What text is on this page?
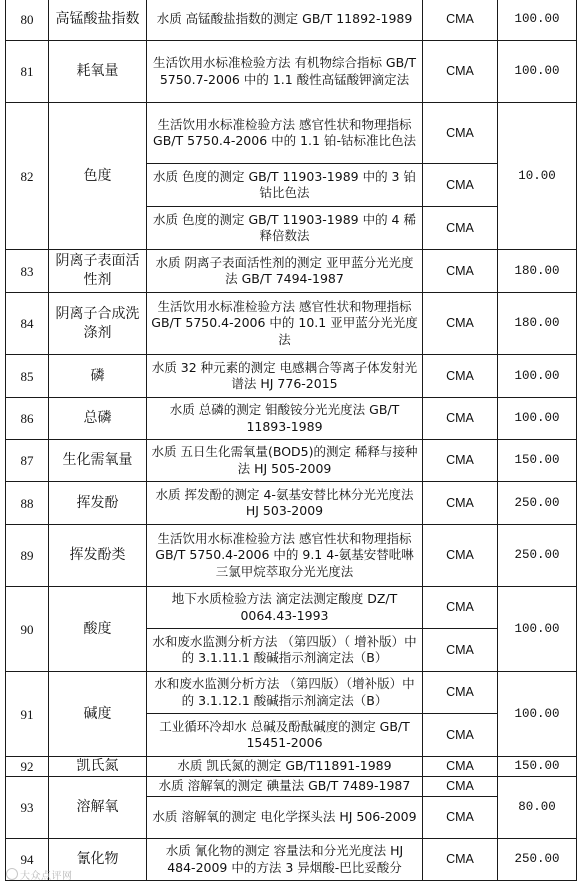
80	高锰酸盐指数	水质 高锰酸盐指数的测定 GB/T 11892-1989	CMA	100.00
81	耗氧量	生活饮用水标准检验方法 有机物综合指标 GB/T 5750.7-2006 中的 1.1 酸性高锰酸钾滴定法	CMA	100.00
82	色度	生活饮用水标准检验方法 感官性状和物理指标 GB/T 5750.4-2006 中的 1.1 铂-钴标准比色法	CMA	10.00
		水质 色度的测定 GB/T 11903-1989 中的 3 铂钴比色法	CMA	
		水质 色度的测定 GB/T 11903-1989 中的 4 稀释倍数法	CMA	
83	阴离子表面活性剂	水质 阴离子表面活性剂的测定 亚甲蓝分光光度法 GB/T 7494-1987	CMA	180.00
84	阴离子合成洗涤剂	生活饮用水标准检验方法 感官性状和物理指标 GB/T 5750.4-2006 中的 10.1 亚甲蓝分光光度法	CMA	180.00
85	磷	水质 32 种元素的测定 电感耦合等离子体发射光谱法 HJ 776-2015	CMA	100.00
86	总磷	水质 总磷的测定 钼酸铵分光光度法 GB/T 11893-1989	CMA	100.00
87	生化需氧量	水质 五日生化需氧量(BOD5)的测定 稀释与接种法 HJ 505-2009	CMA	150.00
88	挥发酚	水质 挥发酚的测定 4-氨基安替比林分光光度法 HJ 503-2009	CMA	250.00
89	挥发酚类	生活饮用水标准检验方法 感官性状和物理指标 GB/T 5750.4-2006 中的 9.1 4-氨基安替吡啉三氯甲烷萃取分光光度法	CMA	250.00
90	酸度	地下水质检验方法 滴定法测定酸度 DZ/T 0064.43-1993	CMA	100.00
		水和废水监测分析方法 （第四版）（ 增补版）中的 3.1.11.1 酸碱指示剂滴定法（B）	CMA	
91	碱度	水和废水监测分析方法 （第四版）（增补版）中的 3.1.12.1 酸碱指示剂滴定法（B）	CMA	100.00
		工业循环冷却水 总碱及酚酞碱度的测定 GB/T 15451-2006	CMA	
92	凯氏氮	水质 凯氏氮的测定 GB/T11891-1989	CMA	150.00
93	溶解氧	水质 溶解氧的测定 碘量法 GB/T 7489-1987	CMA	80.00
		水质 溶解氧的测定 电化学探头法 HJ 506-2009	CMA	
94	氰化物	水质 氰化物的测定 容量法和分光光度法 HJ 484-2009 中的方法 3 异烟酸-巴比妥酸分	CMA	250.00
大众点评网
